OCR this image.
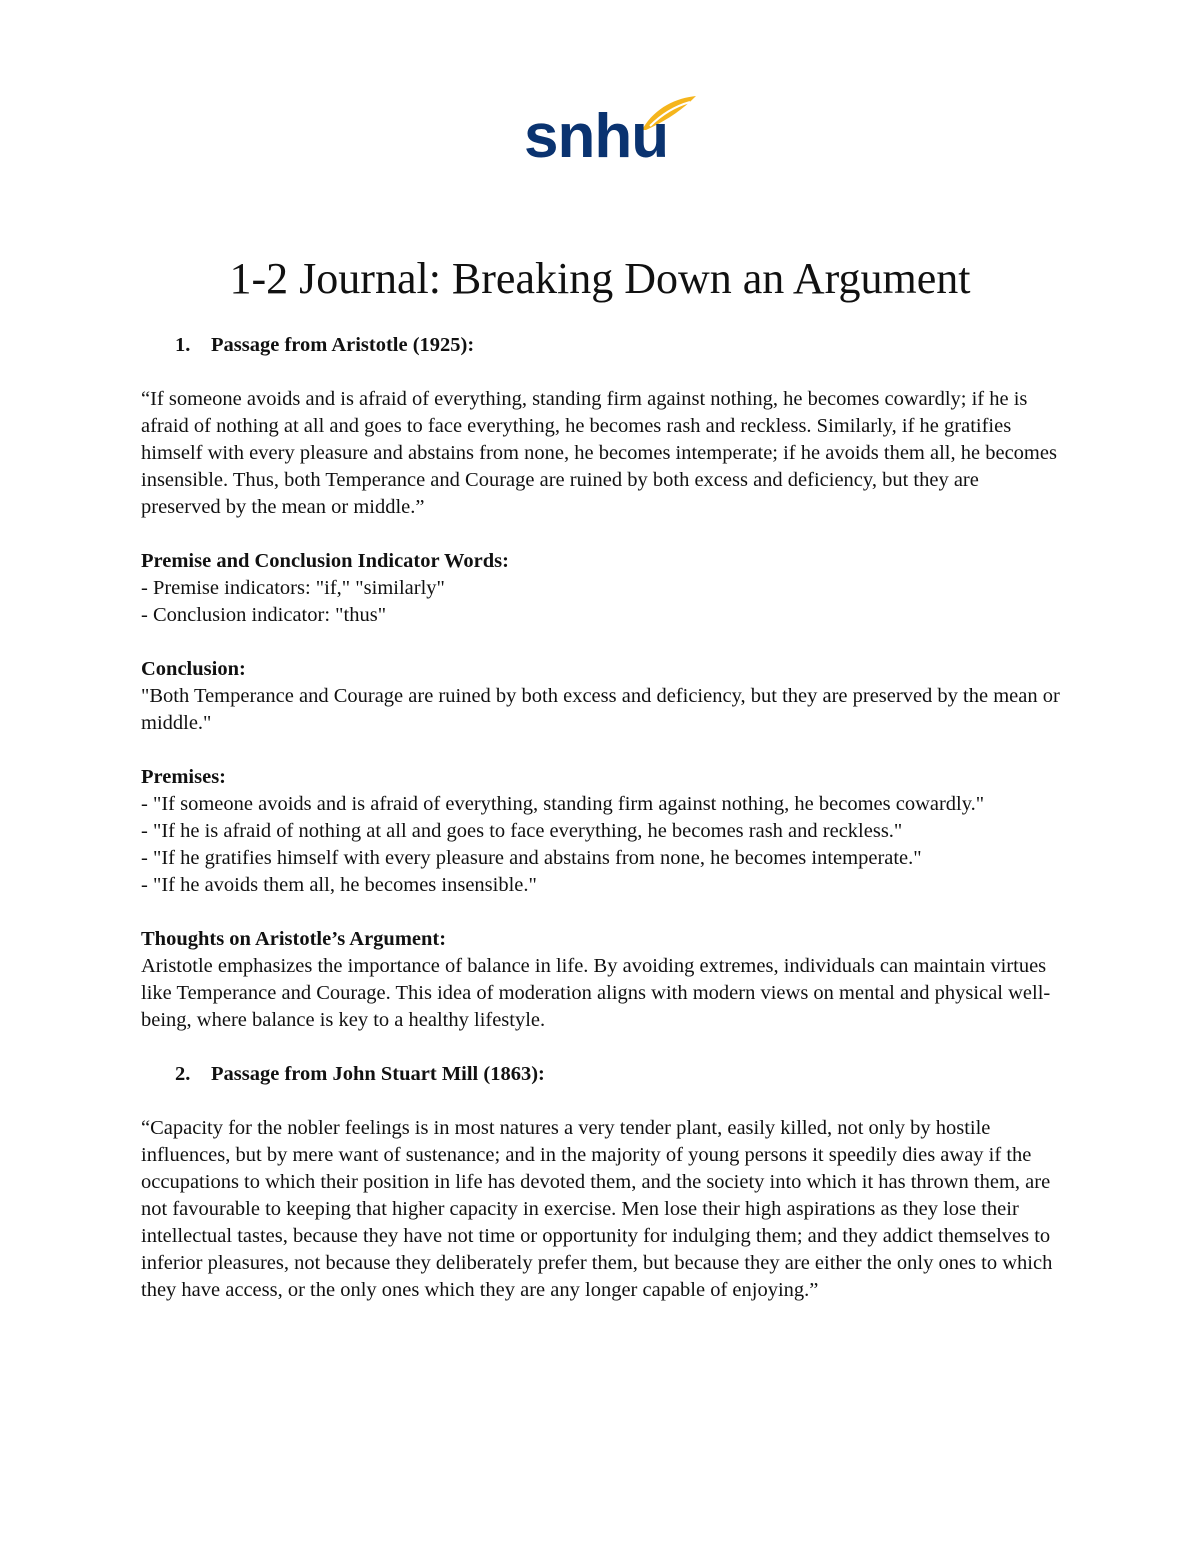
snhu
1-2 Journal: Breaking Down an Argument

1.	Passage from Aristotle (1925):

“If someone avoids and is afraid of everything, standing firm against nothing, he becomes cowardly; if he is afraid of nothing at all and goes to face everything, he becomes rash and reckless. Similarly, if he gratifies himself with every pleasure and abstains from none, he becomes intemperate; if he avoids them all, he becomes insensible. Thus, both Temperance and Courage are ruined by both excess and deficiency, but they are preserved by the mean or middle.”

Premise and Conclusion Indicator Words:

- Premise indicators: "if," "similarly"

- Conclusion indicator: "thus"

Conclusion:

"Both Temperance and Courage are ruined by both excess and deficiency, but they are preserved by the mean or middle."

Premises:

- "If someone avoids and is afraid of everything, standing firm against nothing, he becomes cowardly."

- "If he is afraid of nothing at all and goes to face everything, he becomes rash and reckless."

- "If he gratifies himself with every pleasure and abstains from none, he becomes intemperate."

- "If he avoids them all, he becomes insensible."

Thoughts on Aristotle’s Argument:

Aristotle emphasizes the importance of balance in life. By avoiding extremes, individuals can maintain virtues like Temperance and Courage. This idea of moderation aligns with modern views on mental and physical well-being, where balance is key to a healthy lifestyle.

2.	Passage from John Stuart Mill (1863):

“Capacity for the nobler feelings is in most natures a very tender plant, easily killed, not only by hostile influences, but by mere want of sustenance; and in the majority of young persons it speedily dies away if the occupations to which their position in life has devoted them, and the society into which it has thrown them, are not favourable to keeping that higher capacity in exercise. Men lose their high aspirations as they lose their intellectual tastes, because they have not time or opportunity for indulging them; and they addict themselves to inferior pleasures, not because they deliberately prefer them, but because they are either the only ones to which they have access, or the only ones which they are any longer capable of enjoying.”
